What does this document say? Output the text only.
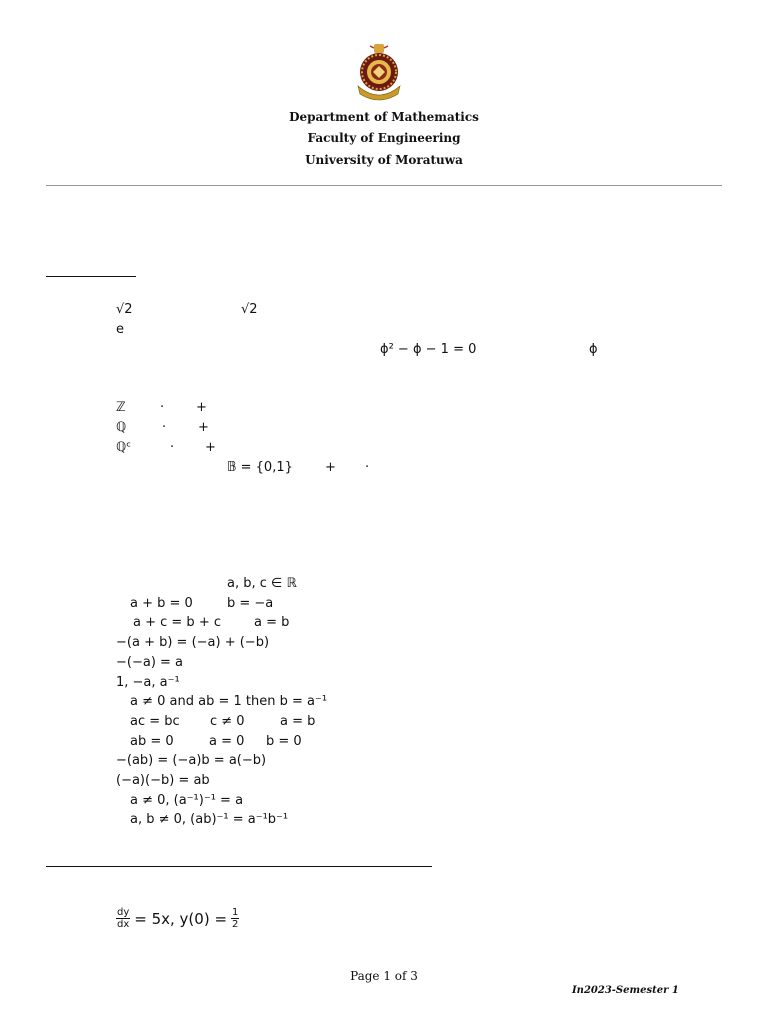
Department of Mathematics
Faculty of Engineering
University of Moratuwa
√2	√2
e
ϕ² − ϕ − 1 = 0	ϕ
ℤ	· +
ℚ	· +
ℚᶜ	· +
𝔹 = {0,1} + ·
a, b, c ∈ ℝ
a + b = 0	b = −a
a + c = b + c	a = b
−(a + b) = (−a) + (−b)
−(−a) = a
1, −a, a⁻¹
a ≠ 0 and ab = 1 then b = a⁻¹
ac = bc c ≠ 0	a = b
ab = 0	a = 0 b = 0
−(ab) = (−a)b = a(−b)
(−a)(−b) = ab
a ≠ 0, (a⁻¹)⁻¹ = a
a, b ≠ 0, (ab)⁻¹ = a⁻¹b⁻¹
$\frac{dy}{dx} = 5x$, $y(0) = \frac{1}{2}$
Page 1 of 3
In2023-Semester 1
